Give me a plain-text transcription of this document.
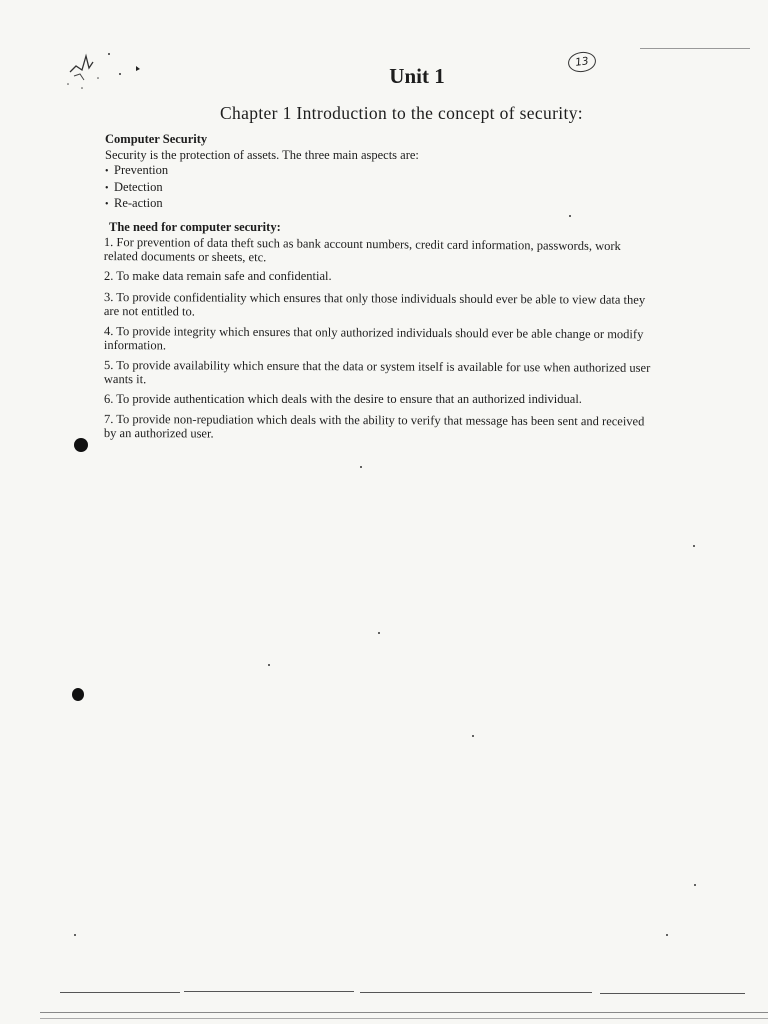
13
Unit 1
Chapter 1 Introduction to the concept of security:
Computer Security

Security is the protection of assets. The three main aspects are:

• Prevention
• Detection
• Re-action
The need for computer security:
1. For prevention of data theft such as bank account numbers, credit card information, passwords, work
related documents or sheets, etc.
2. To make data remain safe and confidential.
3. To provide confidentiality which ensures that only those individuals should ever be able to view data they
are not entitled to.
4. To provide integrity which ensures that only authorized individuals should ever be able change or modify
information.
5. To provide availability which ensure that the data or system itself is available for use when authorized user
wants it.
6. To provide authentication which deals with the desire to ensure that an authorized individual.
7. To provide non-repudiation which deals with the ability to verify that message has been sent and received
by an authorized user.
